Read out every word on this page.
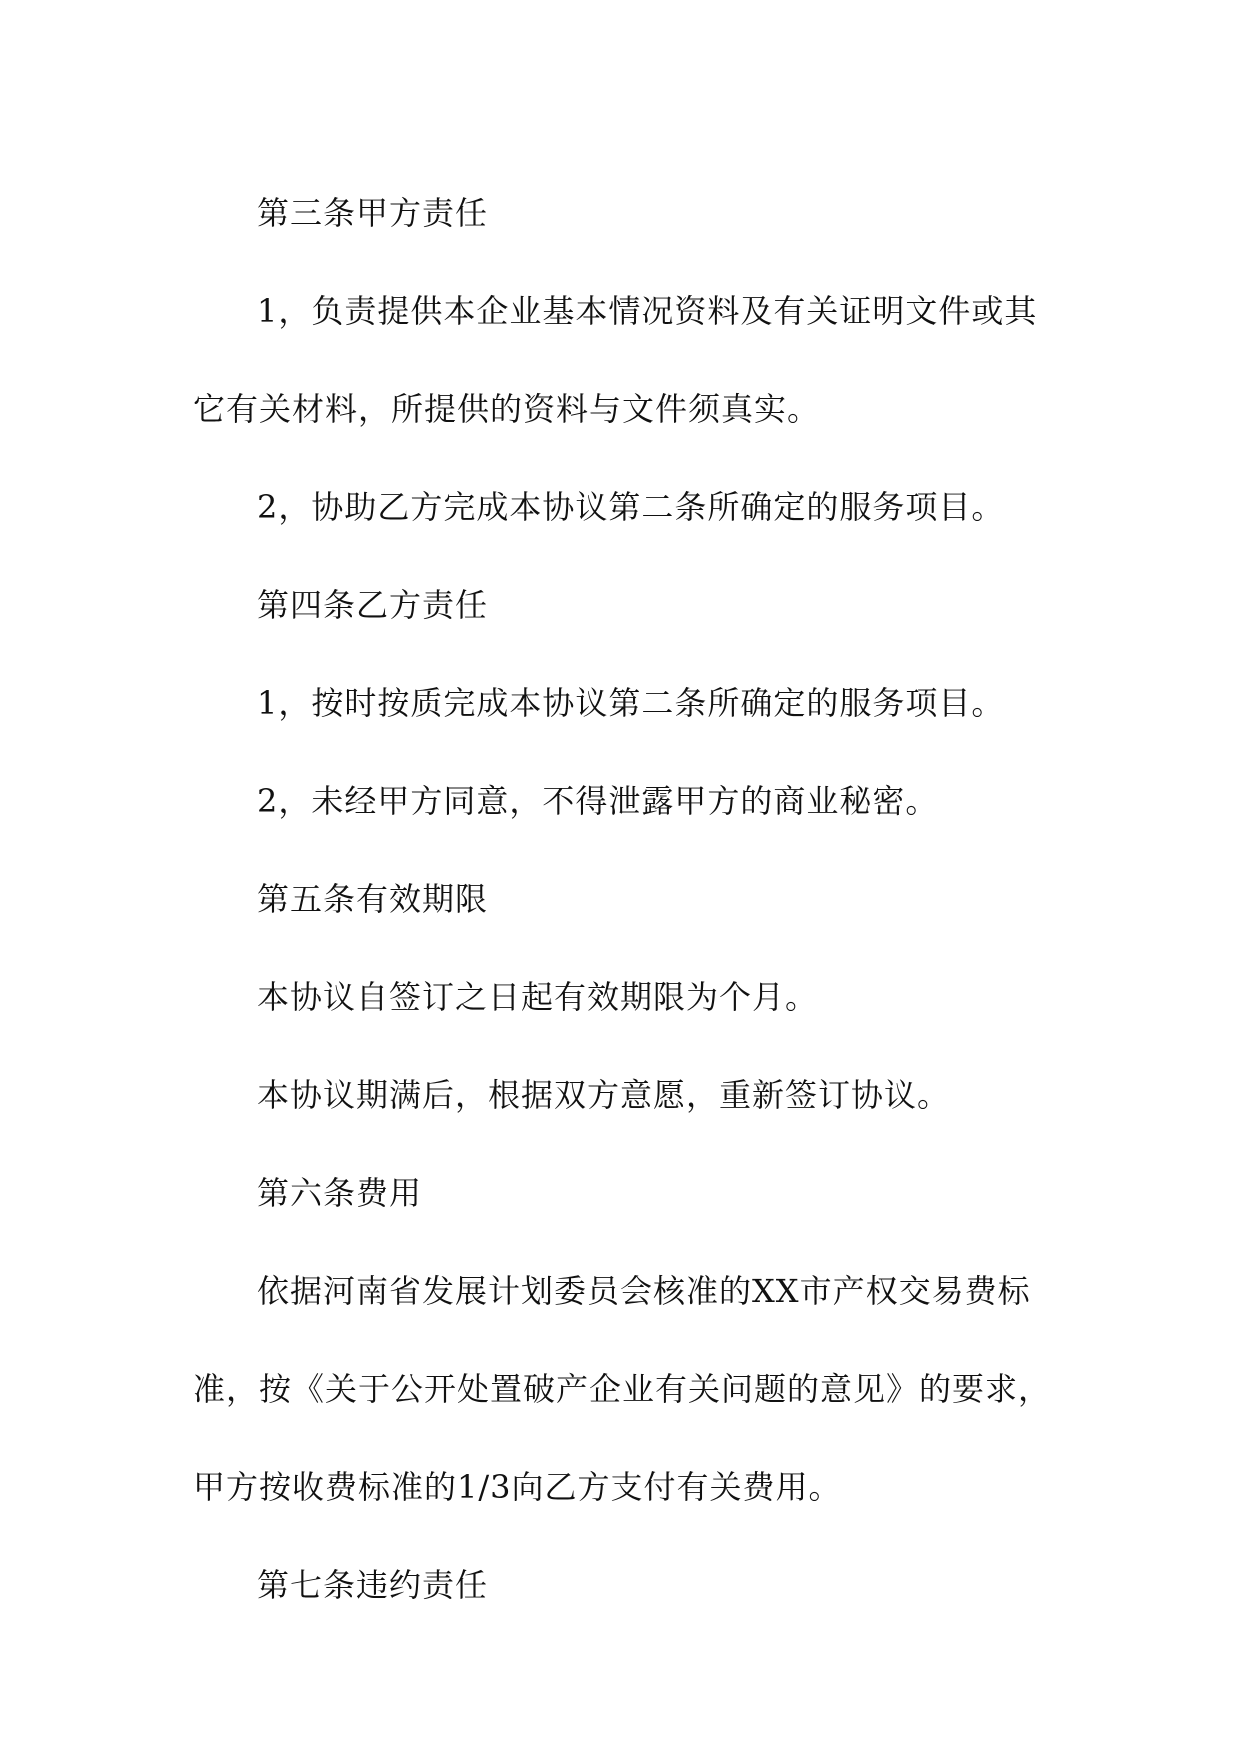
第三条甲方责任

1，负责提供本企业基本情况资料及有关证明文件或其它有关材料，所提供的资料与文件须真实。

2，协助乙方完成本协议第二条所确定的服务项目。

第四条乙方责任

1，按时按质完成本协议第二条所确定的服务项目。

2，未经甲方同意，不得泄露甲方的商业秘密。

第五条有效期限

本协议自签订之日起有效期限为个月。

本协议期满后，根据双方意愿，重新签订协议。

第六条费用

依据河南省发展计划委员会核准的XX市产权交易费标准，按《关于公开处置破产企业有关问题的意见》的要求，甲方按收费标准的1/3向乙方支付有关费用。

第七条违约责任
